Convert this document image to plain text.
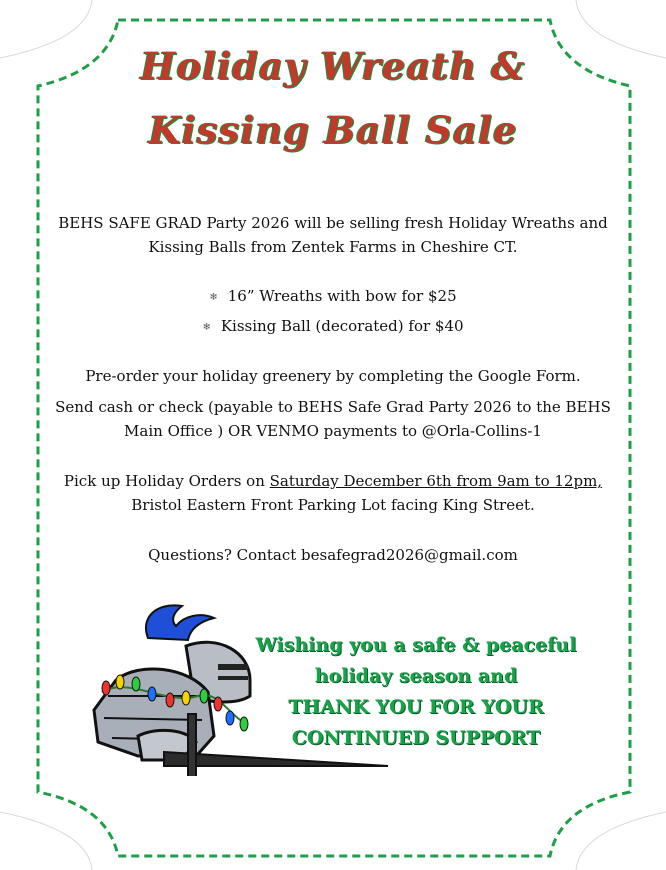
Holiday Wreath &
Kissing Ball Sale
BEHS SAFE GRAD Party 2026 will be selling fresh Holiday Wreaths and Kissing Balls from Zentek Farms in Cheshire CT.
❄ 16” Wreaths with bow for $25
❄ Kissing Ball (decorated) for $40
Pre-order your holiday greenery by completing the Google Form.
Send cash or check (payable to BEHS Safe Grad Party 2026 to the BEHS Main Office ) OR VENMO payments to @Orla-Collins-1
Pick up Holiday Orders on Saturday December 6th from 9am to 12pm,
Bristol Eastern Front Parking Lot facing King Street.
Questions? Contact besafegrad2026@gmail.com
Wishing you a safe & peaceful
holiday season and
THANK YOU FOR YOUR
CONTINUED SUPPORT
